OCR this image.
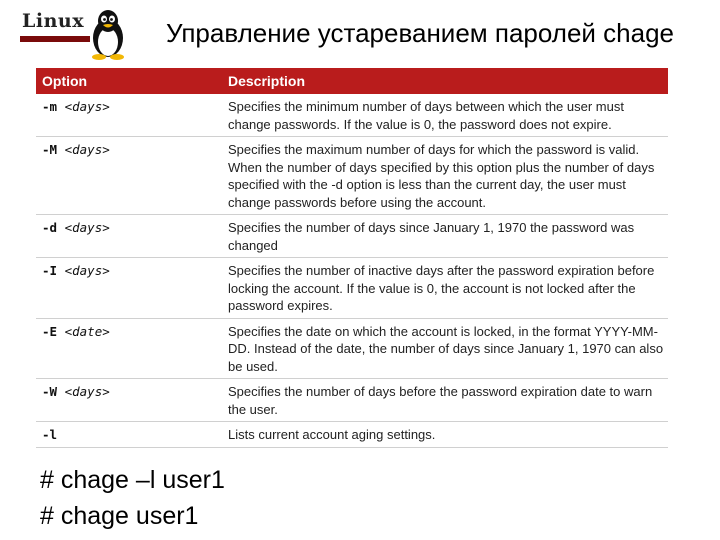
Linux	Управление устареванием паролей chage
Option	Description
-m <days>	Specifies the minimum number of days between which the user must change passwords. If the value is 0, the password does not expire.
-M <days>	Specifies the maximum number of days for which the password is valid. When the number of days specified by this option plus the number of days specified with the -d option is less than the current day, the user must change passwords before using the account.
-d <days>	Specifies the number of days since January 1, 1970 the password was changed
-I <days>	Specifies the number of inactive days after the password expiration before locking the account. If the value is 0, the account is not locked after the password expires.
-E <date>	Specifies the date on which the account is locked, in the format YYYY-MM-DD. Instead of the date, the number of days since January 1, 1970 can also be used.
-W <days>	Specifies the number of days before the password expiration date to warn the user.
-l	Lists current account aging settings.
# chage –l user1
# chage user1
